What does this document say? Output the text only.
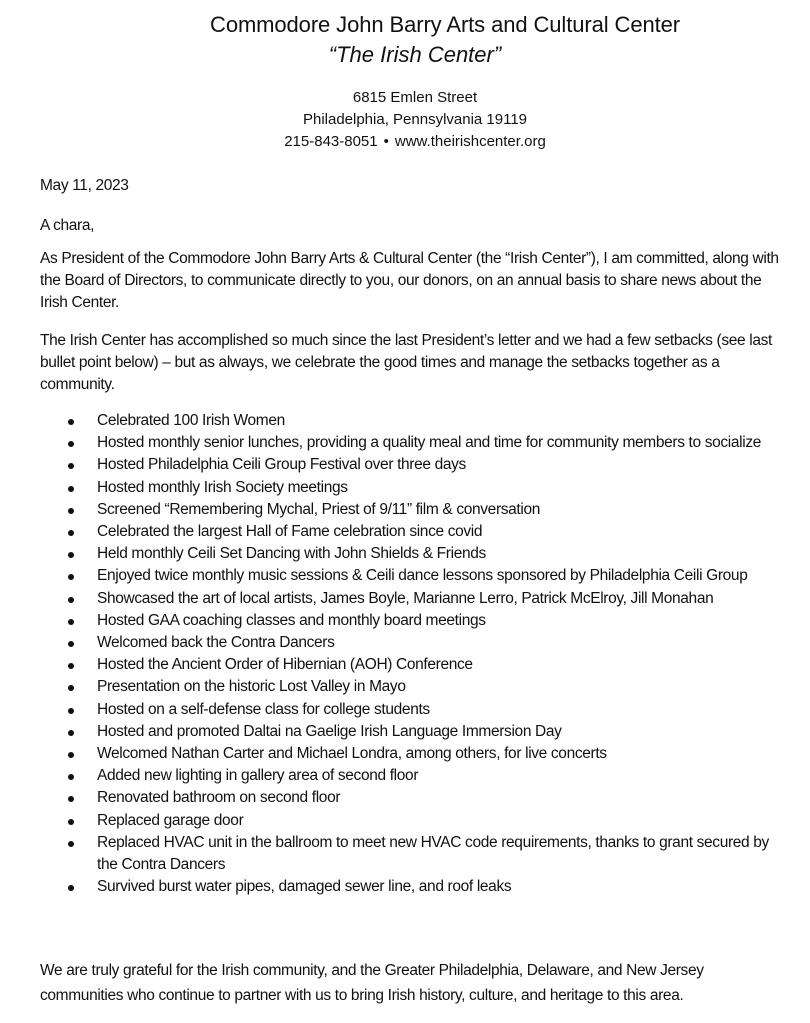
Commodore John Barry Arts and Cultural Center
“The Irish Center”
6815 Emlen Street
Philadelphia, Pennsylvania 19119
215-843-8051 • www.theirishcenter.org
May 11, 2023
A chara,
As President of the Commodore John Barry Arts & Cultural Center (the “Irish Center”), I am committed, along with the Board of Directors, to communicate directly to you, our donors, on an annual basis to share news about the Irish Center.
The Irish Center has accomplished so much since the last President’s letter and we had a few setbacks (see last bullet point below) – but as always, we celebrate the good times and manage the setbacks together as a community.
Celebrated 100 Irish Women
Hosted monthly senior lunches, providing a quality meal and time for community members to socialize
Hosted Philadelphia Ceili Group Festival over three days
Hosted monthly Irish Society meetings
Screened “Remembering Mychal, Priest of 9/11” film & conversation
Celebrated the largest Hall of Fame celebration since covid
Held monthly Ceili Set Dancing with John Shields & Friends
Enjoyed twice monthly music sessions & Ceili dance lessons sponsored by Philadelphia Ceili Group
Showcased the art of local artists, James Boyle, Marianne Lerro, Patrick McElroy, Jill Monahan
Hosted GAA coaching classes and monthly board meetings
Welcomed back the Contra Dancers
Hosted the Ancient Order of Hibernian (AOH) Conference
Presentation on the historic Lost Valley in Mayo
Hosted on a self-defense class for college students
Hosted and promoted Daltai na Gaelige Irish Language Immersion Day
Welcomed Nathan Carter and Michael Londra, among others, for live concerts
Added new lighting in gallery area of second floor
Renovated bathroom on second floor
Replaced garage door
Replaced HVAC unit in the ballroom to meet new HVAC code requirements, thanks to grant secured by the Contra Dancers
Survived burst water pipes, damaged sewer line, and roof leaks
We are truly grateful for the Irish community, and the Greater Philadelphia, Delaware, and New Jersey communities who continue to partner with us to bring Irish history, culture, and heritage to this area.
